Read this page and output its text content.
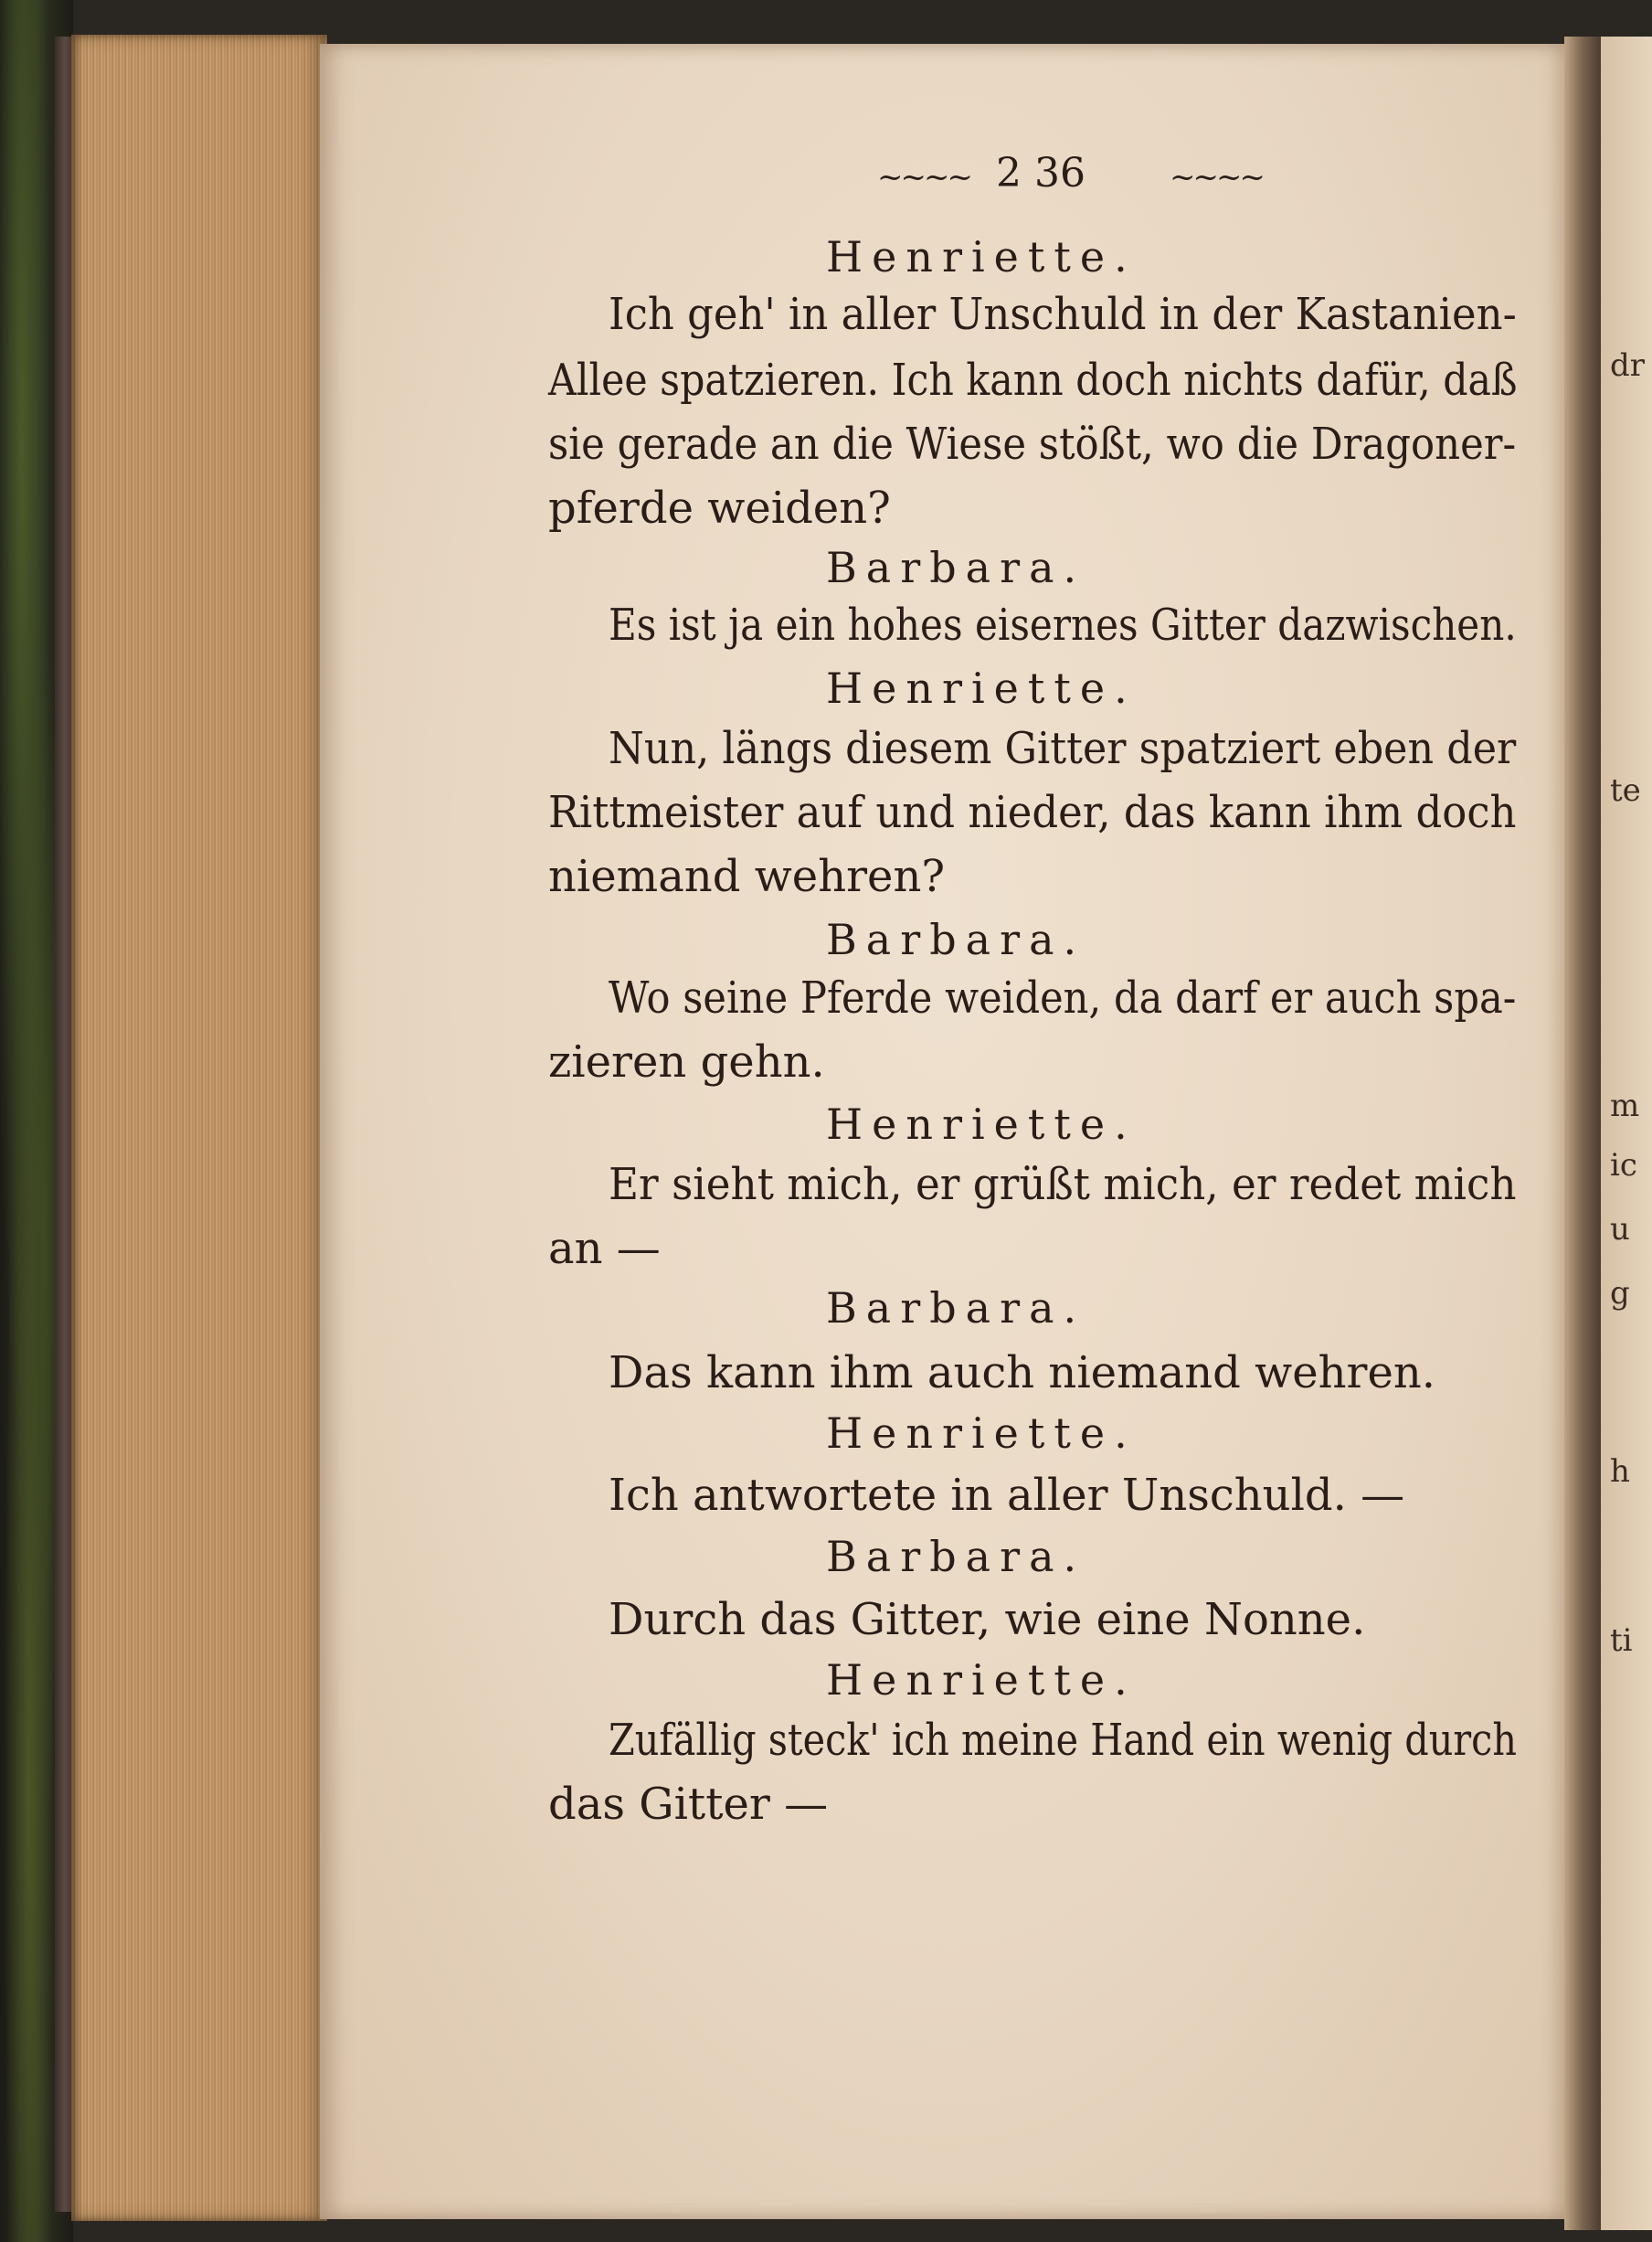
dr
te
m
ic
u
g
h
ti
~~~~ 2 36	~~~~
Henriette.
Ich geh' in aller Unschuld in der Kastanien-
Allee spatzieren. Ich kann doch nichts dafür, daß
sie gerade an die Wiese stößt, wo die Dragoner-
pferde weiden?
Barbara.
Es ist ja ein hohes eisernes Gitter dazwischen.
Henriette.
Nun, längs diesem Gitter spatziert eben der
Rittmeister auf und nieder, das kann ihm doch
niemand wehren?
Barbara.
Wo seine Pferde weiden, da darf er auch spa-
zieren gehn.
Henriette.
Er sieht mich, er grüßt mich, er redet mich
an —
Barbara.
Das kann ihm auch niemand wehren.
Henriette.
Ich antwortete in aller Unschuld. —
Barbara.
Durch das Gitter, wie eine Nonne.
Henriette.
Zufällig steck' ich meine Hand ein wenig durch
das Gitter —
